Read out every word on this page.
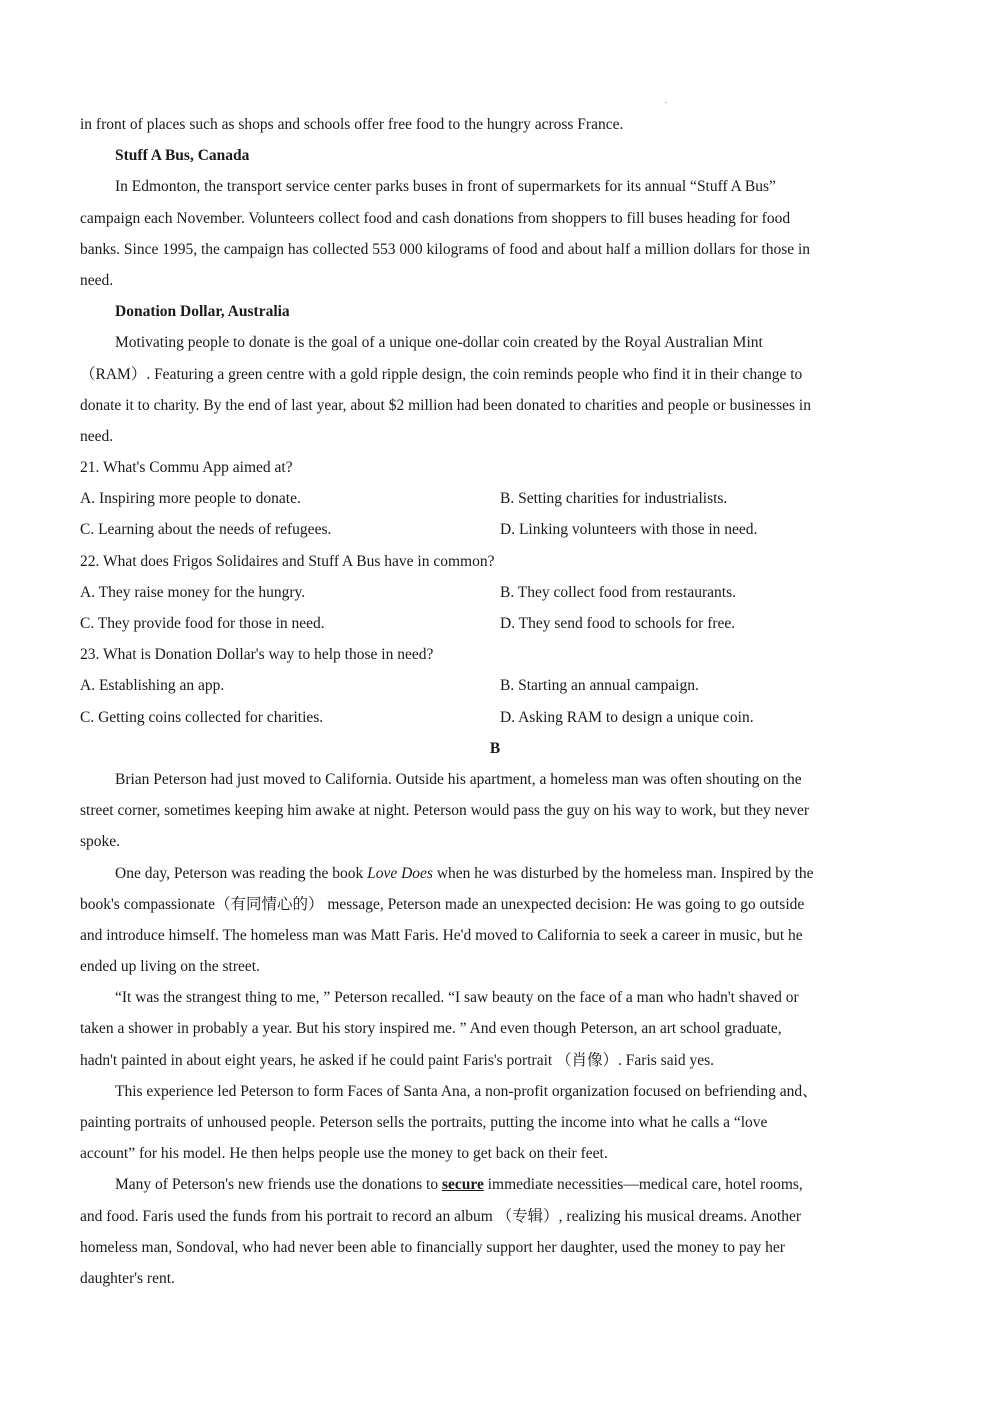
.
in front of places such as shops and schools offer free food to the hungry across France.
Stuff A Bus, Canada
In Edmonton, the transport service center parks buses in front of supermarkets for its annual “Stuff A Bus”
campaign each November. Volunteers collect food and cash donations from shoppers to fill buses heading for food
banks. Since 1995, the campaign has collected 553 000 kilograms of food and about half a million dollars for those in
need.
Donation Dollar, Australia
Motivating people to donate is the goal of a unique one-dollar coin created by the Royal Australian Mint
（RAM）. Featuring a green centre with a gold ripple design, the coin reminds people who find it in their change to
donate it to charity. By the end of last year, about $2 million had been donated to charities and people or businesses in
need.
21. What's Commu App aimed at?
A. Inspiring more people to donate.	B. Setting charities for industrialists.
C. Learning about the needs of refugees.	D. Linking volunteers with those in need.
22. What does Frigos Solidaires and Stuff A Bus have in common?
A. They raise money for the hungry.	B. They collect food from restaurants.
C. They provide food for those in need.	D. They send food to schools for free.
23. What is Donation Dollar's way to help those in need?
A. Establishing an app.	B. Starting an annual campaign.
C. Getting coins collected for charities.	D. Asking RAM to design a unique coin.
B
Brian Peterson had just moved to California. Outside his apartment, a homeless man was often shouting on the
street corner, sometimes keeping him awake at night. Peterson would pass the guy on his way to work, but they never
spoke.
One day, Peterson was reading the book Love Does when he was disturbed by the homeless man. Inspired by the
book's compassionate（有同情心的） message, Peterson made an unexpected decision: He was going to go outside
and introduce himself. The homeless man was Matt Faris. He'd moved to California to seek a career in music, but he
ended up living on the street.
“It was the strangest thing to me, ” Peterson recalled. “I saw beauty on the face of a man who hadn't shaved or
taken a shower in probably a year. But his story inspired me. ” And even though Peterson, an art school graduate,
hadn't painted in about eight years, he asked if he could paint Faris's portrait （肖像）. Faris said yes.
This experience led Peterson to form Faces of Santa Ana, a non-profit organization focused on befriending and、
painting portraits of unhoused people. Peterson sells the portraits, putting the income into what he calls a “love
account” for his model. He then helps people use the money to get back on their feet.
Many of Peterson's new friends use the donations to secure immediate necessities—medical care, hotel rooms,
and food. Faris used the funds from his portrait to record an album （专辑）, realizing his musical dreams. Another
homeless man, Sondoval, who had never been able to financially support her daughter, used the money to pay her
daughter's rent.
